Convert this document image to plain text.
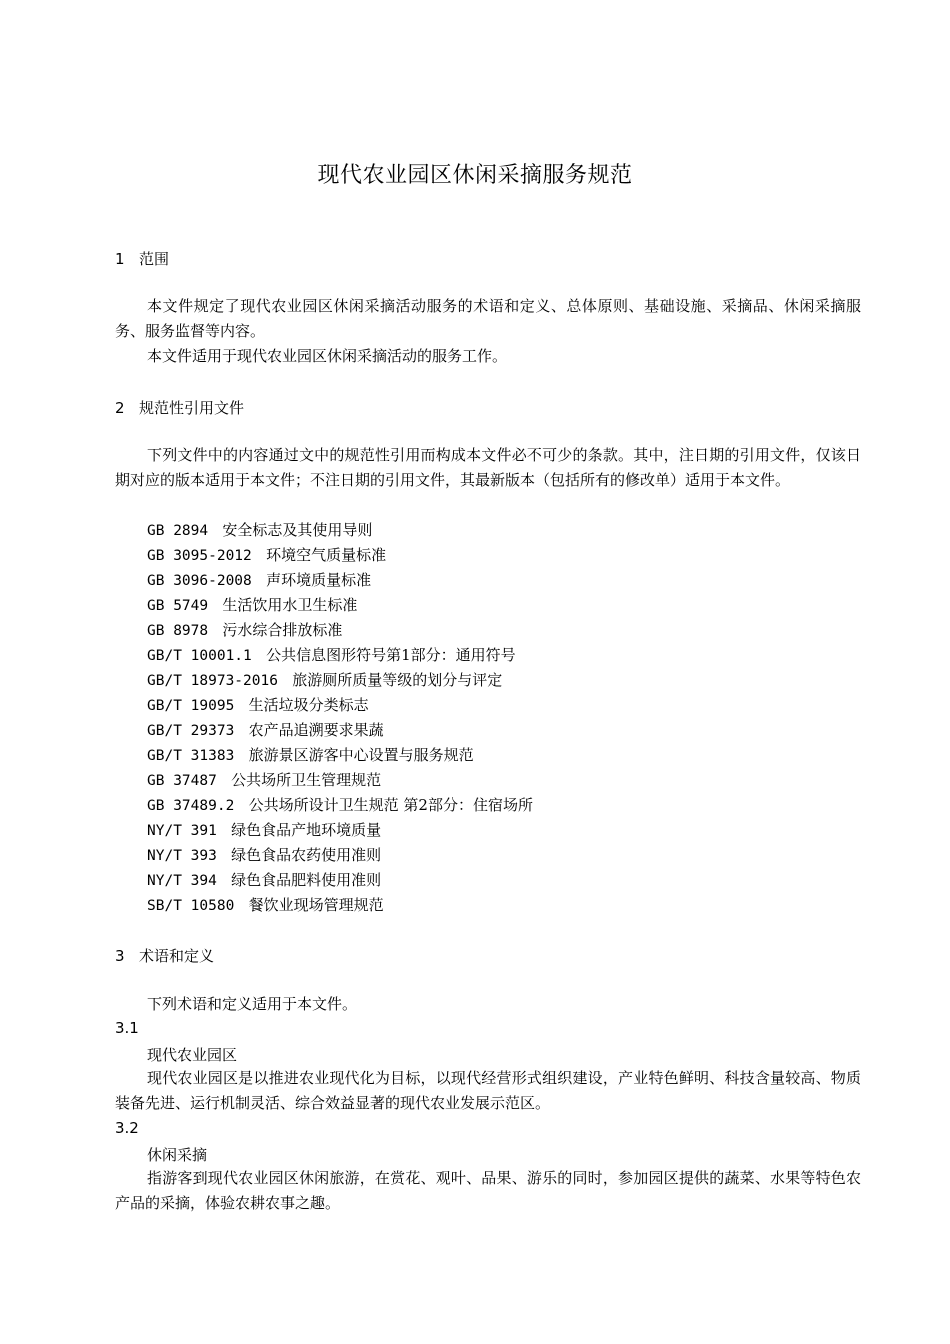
现代农业园区休闲采摘服务规范
1 范围
本文件规定了现代农业园区休闲采摘活动服务的术语和定义、总体原则、基础设施、采摘品、休闲采摘服务、服务监督等内容。
本文件适用于现代农业园区休闲采摘活动的服务工作。
2 规范性引用文件
下列文件中的内容通过文中的规范性引用而构成本文件必不可少的条款。其中，注日期的引用文件，仅该日期对应的版本适用于本文件；不注日期的引用文件，其最新版本（包括所有的修改单）适用于本文件。
GB 2894 安全标志及其使用导则
GB 3095-2012 环境空气质量标准
GB 3096-2008 声环境质量标准
GB 5749 生活饮用水卫生标准
GB 8978 污水综合排放标准
GB/T 10001.1 公共信息图形符号第1部分：通用符号
GB/T 18973-2016 旅游厕所质量等级的划分与评定
GB/T 19095 生活垃圾分类标志
GB/T 29373 农产品追溯要求果蔬
GB/T 31383 旅游景区游客中心设置与服务规范
GB 37487 公共场所卫生管理规范
GB 37489.2 公共场所设计卫生规范 第2部分：住宿场所
NY/T 391 绿色食品产地环境质量
NY/T 393 绿色食品农药使用准则
NY/T 394 绿色食品肥料使用准则
SB/T 10580 餐饮业现场管理规范
3 术语和定义
下列术语和定义适用于本文件。
3.1
现代农业园区
现代农业园区是以推进农业现代化为目标，以现代经营形式组织建设，产业特色鲜明、科技含量较高、物质装备先进、运行机制灵活、综合效益显著的现代农业发展示范区。
3.2
休闲采摘
指游客到现代农业园区休闲旅游，在赏花、观叶、品果、游乐的同时，参加园区提供的蔬菜、水果等特色农产品的采摘，体验农耕农事之趣。
